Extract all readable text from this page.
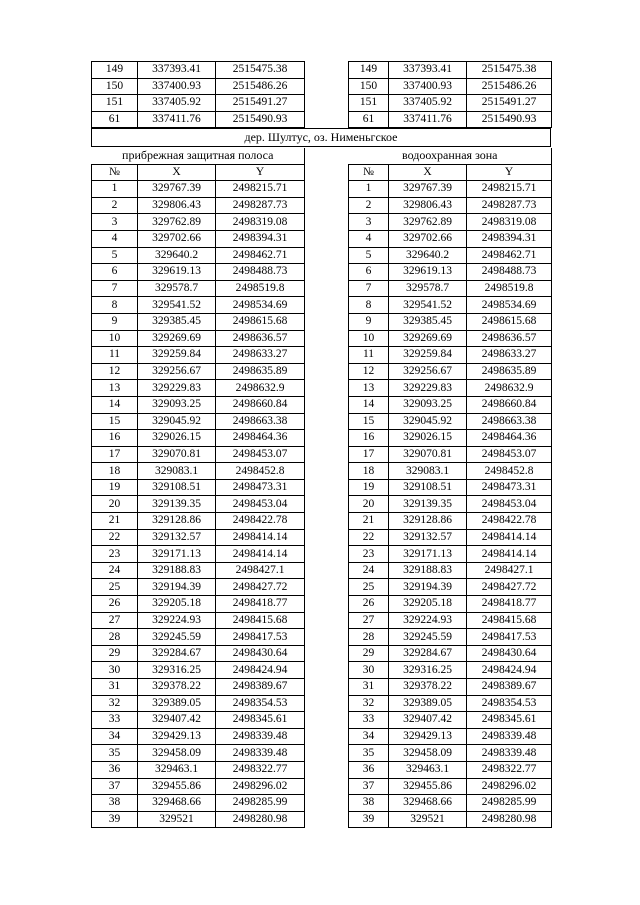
149	337393.41	2515475.38
150	337400.93	2515486.26
151	337405.92	2515491.27
61	337411.76	2515490.93
149	337393.41	2515475.38
150	337400.93	2515486.26
151	337405.92	2515491.27
61	337411.76	2515490.93
дер. Шултус, оз. Нименьгское
прибрежная защитная полоса		
№	X	Y
1	329767.39	2498215.71
2	329806.43	2498287.73
3	329762.89	2498319.08
4	329702.66	2498394.31
5	329640.2	2498462.71
6	329619.13	2498488.73
7	329578.7	2498519.8
8	329541.52	2498534.69
9	329385.45	2498615.68
10	329269.69	2498636.57
11	329259.84	2498633.27
12	329256.67	2498635.89
13	329229.83	2498632.9
14	329093.25	2498660.84
15	329045.92	2498663.38
16	329026.15	2498464.36
17	329070.81	2498453.07
18	329083.1	2498452.8
19	329108.51	2498473.31
20	329139.35	2498453.04
21	329128.86	2498422.78
22	329132.57	2498414.14
23	329171.13	2498414.14
24	329188.83	2498427.1
25	329194.39	2498427.72
26	329205.18	2498418.77
27	329224.93	2498415.68
28	329245.59	2498417.53
29	329284.67	2498430.64
30	329316.25	2498424.94
31	329378.22	2498389.67
32	329389.05	2498354.53
33	329407.42	2498345.61
34	329429.13	2498339.48
35	329458.09	2498339.48
36	329463.1	2498322.77
37	329455.86	2498296.02
38	329468.66	2498285.99
39	329521	2498280.98
водоохранная зона		
№	X	Y
1	329767.39	2498215.71
2	329806.43	2498287.73
3	329762.89	2498319.08
4	329702.66	2498394.31
5	329640.2	2498462.71
6	329619.13	2498488.73
7	329578.7	2498519.8
8	329541.52	2498534.69
9	329385.45	2498615.68
10	329269.69	2498636.57
11	329259.84	2498633.27
12	329256.67	2498635.89
13	329229.83	2498632.9
14	329093.25	2498660.84
15	329045.92	2498663.38
16	329026.15	2498464.36
17	329070.81	2498453.07
18	329083.1	2498452.8
19	329108.51	2498473.31
20	329139.35	2498453.04
21	329128.86	2498422.78
22	329132.57	2498414.14
23	329171.13	2498414.14
24	329188.83	2498427.1
25	329194.39	2498427.72
26	329205.18	2498418.77
27	329224.93	2498415.68
28	329245.59	2498417.53
29	329284.67	2498430.64
30	329316.25	2498424.94
31	329378.22	2498389.67
32	329389.05	2498354.53
33	329407.42	2498345.61
34	329429.13	2498339.48
35	329458.09	2498339.48
36	329463.1	2498322.77
37	329455.86	2498296.02
38	329468.66	2498285.99
39	329521	2498280.98
